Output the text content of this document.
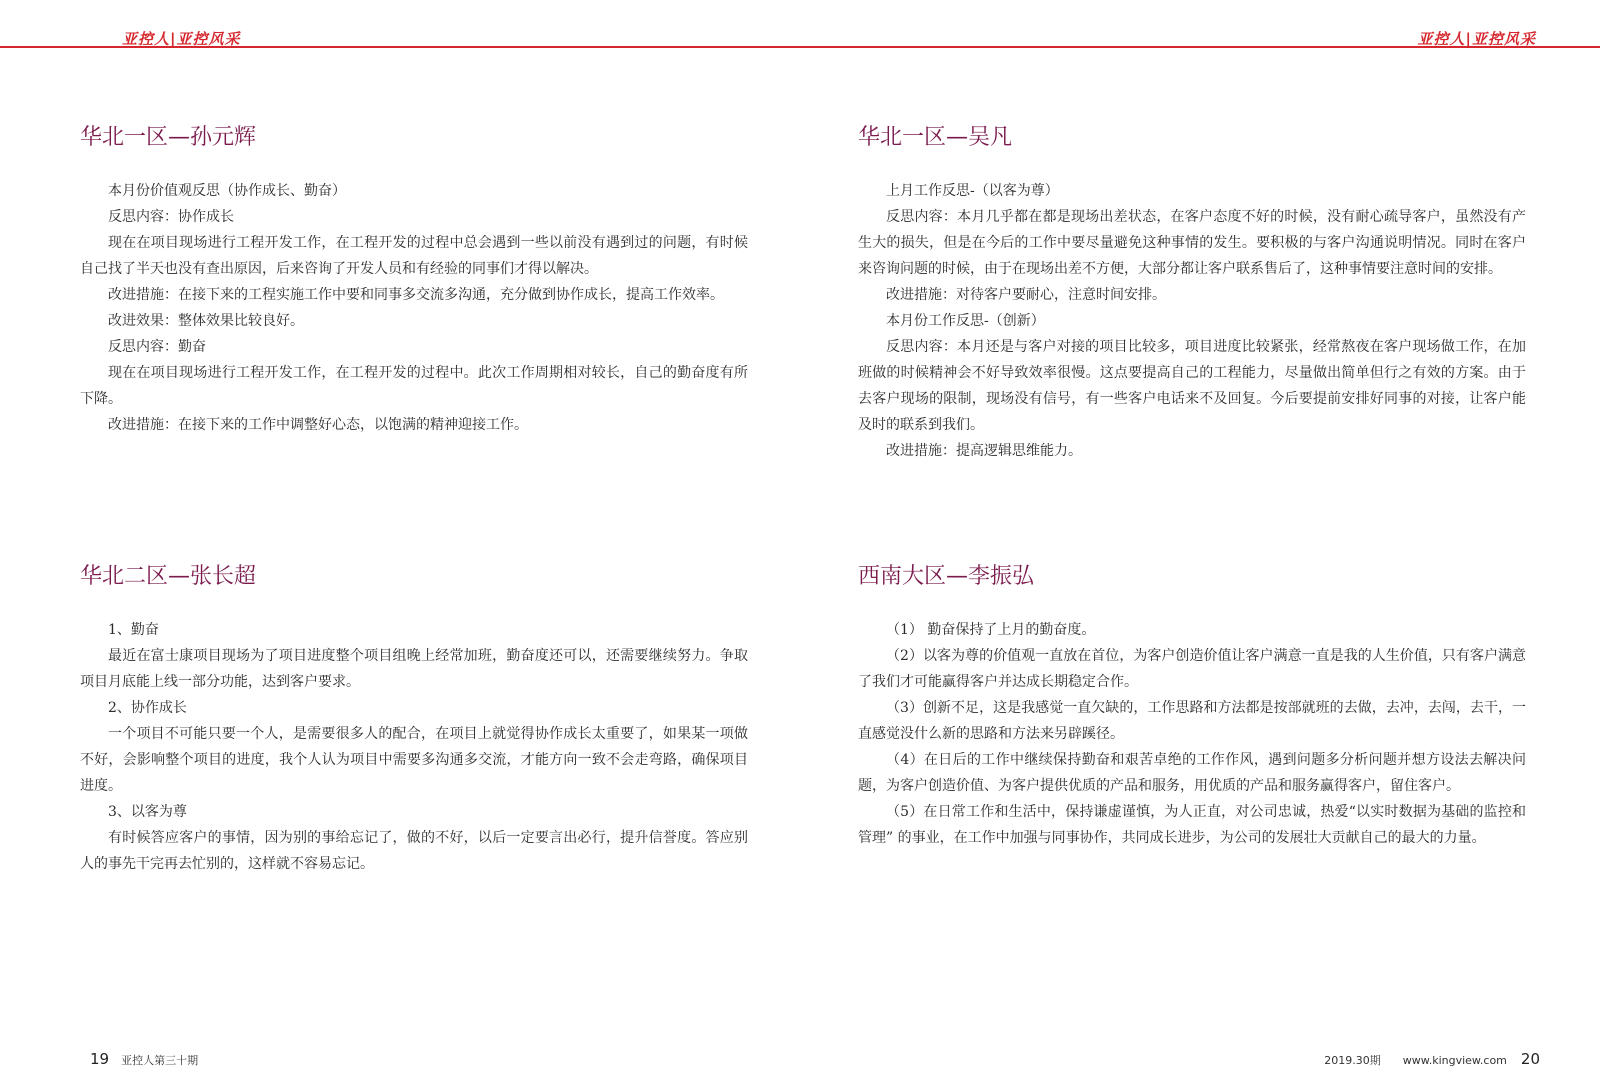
亚控人|亚控风采	亚控人|亚控风采
华北一区—孙元辉

本月份价值观反思（协作成长、勤奋）

反思内容：协作成长

现在在项目现场进行工程开发工作，在工程开发的过程中总会遇到一些以前没有遇到过的问题，有时候自己找了半天也没有查出原因，后来咨询了开发人员和有经验的同事们才得以解决。

改进措施：在接下来的工程实施工作中要和同事多交流多沟通，充分做到协作成长，提高工作效率。

改进效果：整体效果比较良好。

反思内容：勤奋

现在在项目现场进行工程开发工作，在工程开发的过程中。此次工作周期相对较长，自己的勤奋度有所下降。

改进措施：在接下来的工作中调整好心态，以饱满的精神迎接工作。

华北一区—吴凡

上月工作反思-（以客为尊）

反思内容：本月几乎都在都是现场出差状态，在客户态度不好的时候，没有耐心疏导客户，虽然没有产生大的损失，但是在今后的工作中要尽量避免这种事情的发生。要积极的与客户沟通说明情况。同时在客户来咨询问题的时候，由于在现场出差不方便，大部分都让客户联系售后了，这种事情要注意时间的安排。

改进措施：对待客户要耐心，注意时间安排。

本月份工作反思-（创新）

反思内容：本月还是与客户对接的项目比较多，项目进度比较紧张，经常熬夜在客户现场做工作，在加班做的时候精神会不好导致效率很慢。这点要提高自己的工程能力，尽量做出简单但行之有效的方案。由于去客户现场的限制，现场没有信号，有一些客户电话来不及回复。今后要提前安排好同事的对接，让客户能及时的联系到我们。

改进措施：提高逻辑思维能力。

华北二区—张长超

1、勤奋

最近在富士康项目现场为了项目进度整个项目组晚上经常加班，勤奋度还可以，还需要继续努力。争取项目月底能上线一部分功能，达到客户要求。

2、协作成长

一个项目不可能只要一个人，是需要很多人的配合，在项目上就觉得协作成长太重要了，如果某一项做不好，会影响整个项目的进度，我个人认为项目中需要多沟通多交流，才能方向一致不会走弯路，确保项目进度。

3、以客为尊

有时候答应客户的事情，因为别的事给忘记了，做的不好，以后一定要言出必行，提升信誉度。答应别人的事先干完再去忙别的，这样就不容易忘记。

西南大区—李振弘

（1） 勤奋保持了上月的勤奋度。

（2）以客为尊的价值观一直放在首位，为客户创造价值让客户满意一直是我的人生价值，只有客户满意了我们才可能赢得客户并达成长期稳定合作。

（3）创新不足，这是我感觉一直欠缺的，工作思路和方法都是按部就班的去做，去冲，去闯，去干，一直感觉没什么新的思路和方法来另辟蹊径。

（4）在日后的工作中继续保持勤奋和艰苦卓绝的工作作风，遇到问题多分析问题并想方设法去解决问题，为客户创造价值、为客户提供优质的产品和服务，用优质的产品和服务赢得客户，留住客户。

（5）在日常工作和生活中，保持谦虚谨慎，为人正直，对公司忠诚，热爱“以实时数据为基础的监控和管理” 的事业，在工作中加强与同事协作，共同成长进步，为公司的发展壮大贡献自己的最大的力量。

19 亚控人第三十期	2019.30期 www.kingview.com 20
